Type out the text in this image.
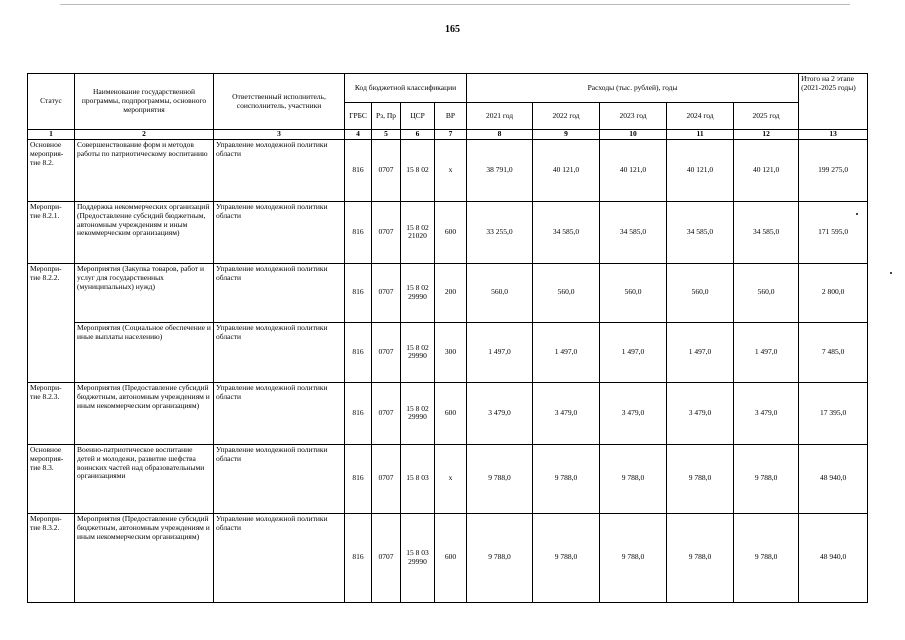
165
Статус	Наименование государственной программы, подпрограммы, основного мероприятия	Ответственный исполнитель, соисполнитель, участники	Код бюджетной классификации				Расходы (тыс. рублей), годы					Итого на 2 этапе (2021-2025 годы)
			ГРБС	Рз, Пр	ЦСР	ВР	2021 год	2022 год	2023 год	2024 год	2025 год	
1	2	3	4	5	6	7	8	9	10	11	12	13
Основное мероприя-тие 8.2.	Совершенствование форм и методов работы по патриотическому воспитанию	Управление молодежной политики области	816	0707	15 8 02	х	38 791,0	40 121,0	40 121,0	40 121,0	40 121,0	199 275,0
Меропри-тие 8.2.1.	Поддержка некоммерческих организаций (Предоставление субсидий бюджетным, автономным учреждениям и иным некоммерческим организациям)	Управление молодежной политики области	816	0707	15 8 02 21020	600	33 255,0	34 585,0	34 585,0	34 585,0	34 585,0	171 595,0
Меропри-тие 8.2.2.	Мероприятия (Закупка товаров, работ и услуг для государственных (муниципальных) нужд)	Управление молодежной политики области	816	0707	15 8 02 29990	200	560,0	560,0	560,0	560,0	560,0	2 800,0
	Мероприятия (Социальное обеспечение и иные выплаты населению)	Управление молодежной политики области	816	0707	15 8 02 29990	300	1 497,0	1 497,0	1 497,0	1 497,0	1 497,0	7 485,0
Меропри-тие 8.2.3.	Мероприятия (Предоставление субсидий бюджетным, автономным учреждениям и иным некоммерческим организациям)	Управление молодежной политики области	816	0707	15 8 02 29990	600	3 479,0	3 479,0	3 479,0	3 479,0	3 479,0	17 395,0
Основное мероприя-тие 8.3.	Военно-патриотическое воспитание детей и молодежи, развитие шефства воинских частей над образовательными организациями	Управление молодежной политики области	816	0707	15 8 03	х	9 788,0	9 788,0	9 788,0	9 788,0	9 788,0	48 940,0
Меропри-тие 8.3.2.	Мероприятия (Предоставление субсидий бюджетным, автономным учреждениям и иным некоммерческим организациям)	Управление молодежной политики области	816	0707	15 8 03 29990	600	9 788,0	9 788,0	9 788,0	9 788,0	9 788,0	48 940,0
